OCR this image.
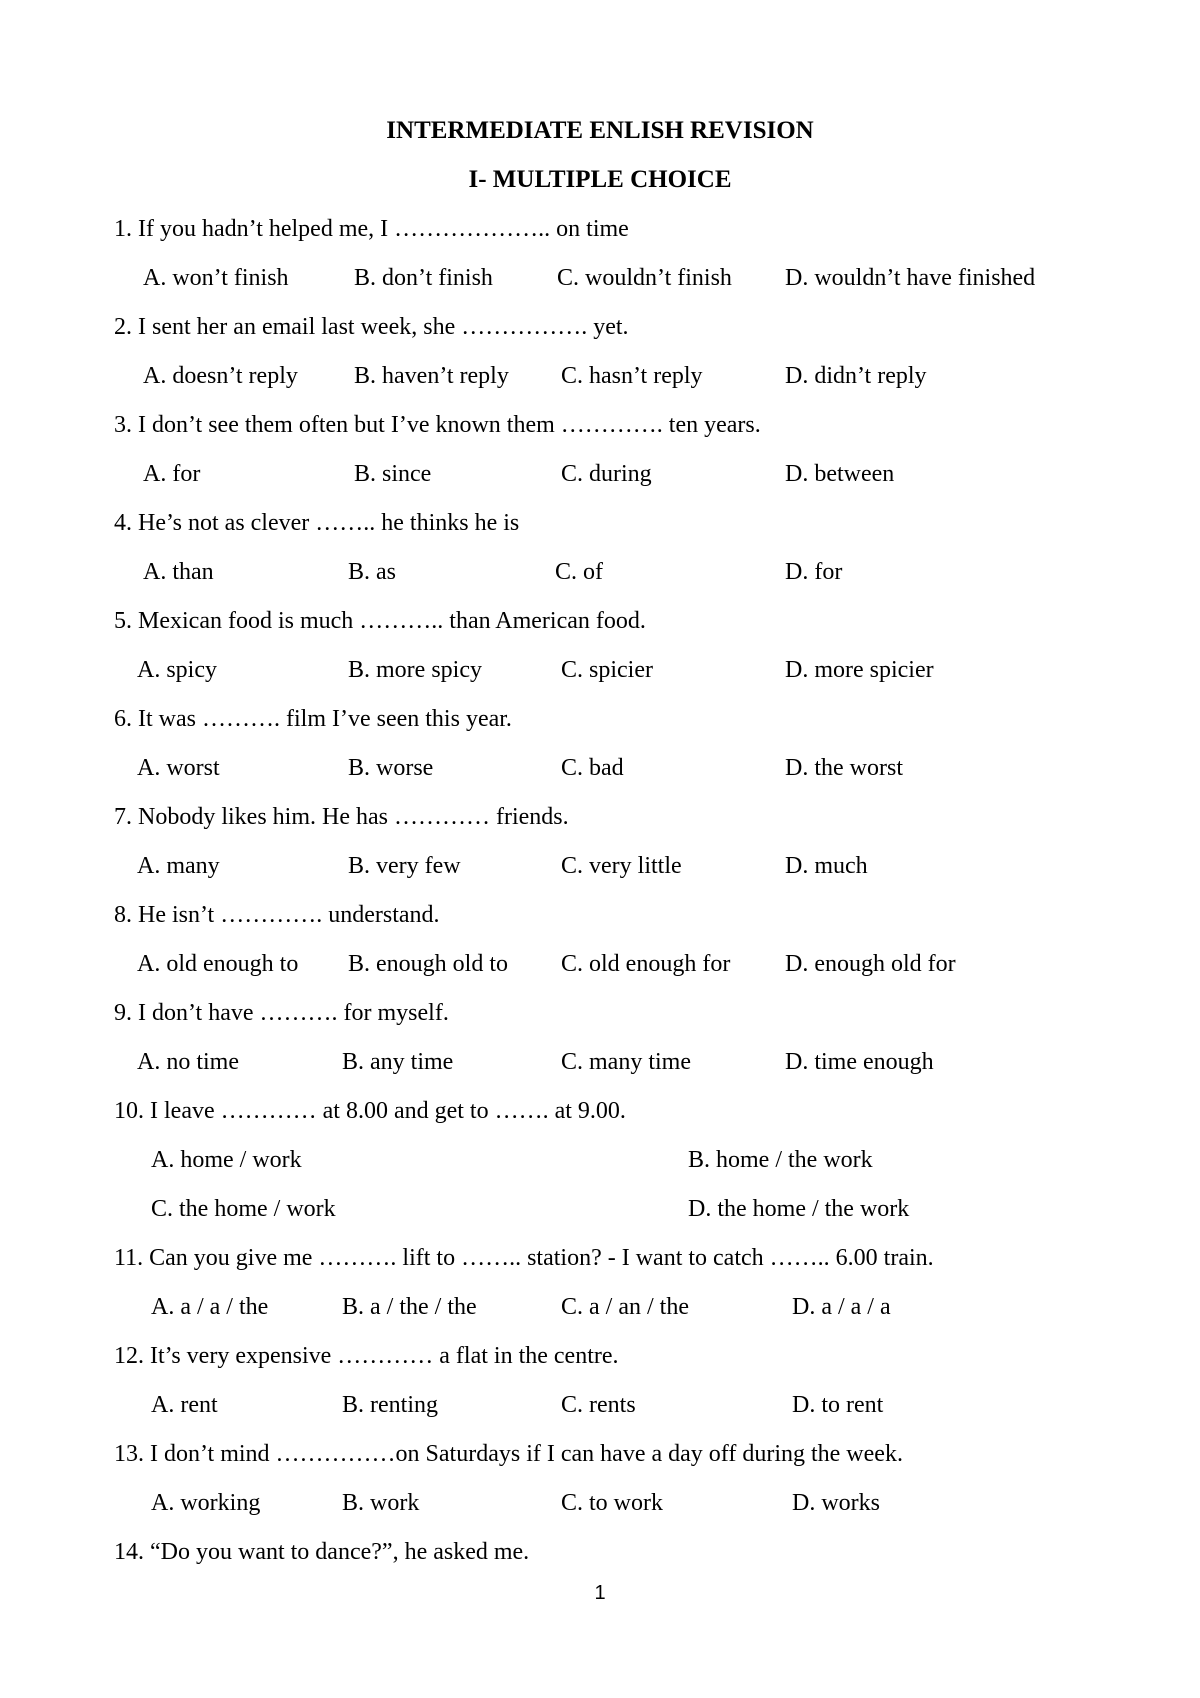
INTERMEDIATE ENLISH REVISION
I- MULTIPLE CHOICE
1. If you hadn’t helped me, I ……………….. on time
A. won’t finish	B. don’t finish	C. wouldn’t finish D. wouldn’t have finished
2. I sent her an email last week, she ……………. yet.
A. doesn’t reply B. haven’t reply C. hasn’t reply	D. didn’t reply
3. I don’t see them often but I’ve known them …………. ten years.
A. for	B. since	C. during	D. between
4. He’s not as clever …….. he thinks he is
A. than	B. as	C. of	D. for
5. Mexican food is much ……….. than American food.
A. spicy	B. more spicy	C. spicier	D. more spicier
6. It was ………. film I’ve seen this year.
A. worst	B. worse	C. bad	D. the worst
7. Nobody likes him. He has ………… friends.
A. many	B. very few	C. very little	D. much
8. He isn’t …………. understand.
A. old enough to B. enough old to C. old enough for D. enough old for
9. I don’t have ………. for myself.
A. no time	B. any time	C. many time	D. time enough
10. I leave ………… at 8.00 and get to ……. at 9.00.
A. home / work	B. home / the work
C. the home / work	D. the home / the work
11. Can you give me ………. lift to …….. station? - I want to catch …….. 6.00 train.
A. a / a / the	B. a / the / the	C. a / an / the	D. a / a / a
12. It’s very expensive ………… a flat in the centre.
A. rent	B. renting	C. rents	D. to rent
13. I don’t mind ……………on Saturdays if I can have a day off during the week.
A. working	B. work	C. to work	D. works
14. “Do you want to dance?”, he asked me.
1
